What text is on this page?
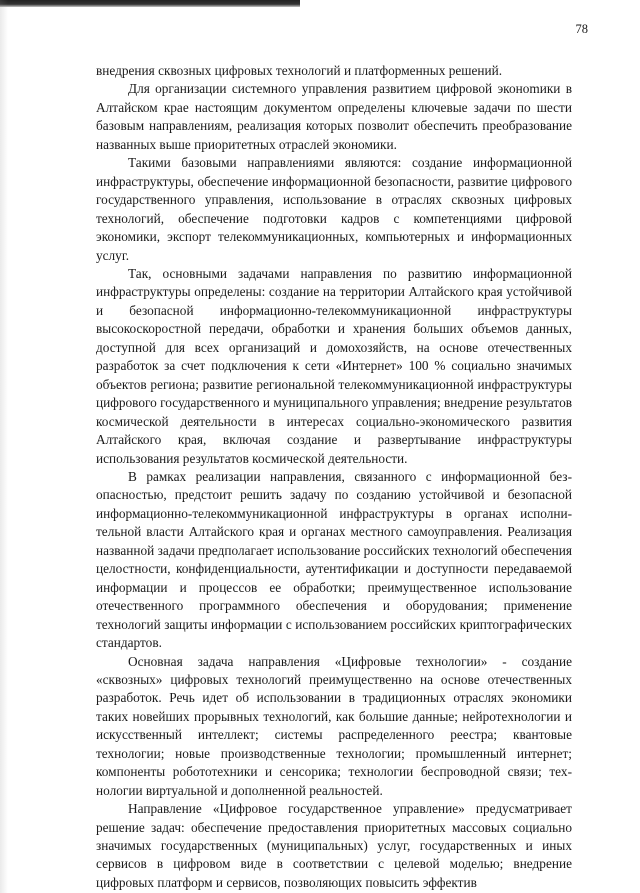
78

внедрения сквозных цифровых технологий и платформенных решений.

Для организации системного управления развитием цифровой эконоmики в Алтайском крае настоящим документом определены ключевые задачи по шести базовым направлениям, реализация которых позволит обеспечить преобразование названных выше приоритетных отраслей экономики.

Такими базовыми направлениями являются: создание информационной инфраструктуры, обеспечение информационной безопасности, развитие цифрового государственного управления, использование в отраслях сквозных цифровых технологий, обеспечение подготовки кадров с компетенциями цифровой экономики, экспорт телекоммуникационных, компьютерных и информационных услуг.

Так, основными задачами направления по развитию информационной инфраструктуры определены: создание на территории Алтайского края устойчивой и безопасной информационно-телекоммуникационной инфраструктуры высокоскоростной передачи, обработки и хранения больших объемов данных, доступной для всех организаций и домохозяйств, на основе отечественных разработок за счет подключения к сети «Интернет» 100 % социально значимых объектов региона; развитие региональной телекоммуникационной инфраструктуры цифрового государственного и муниципального управления; внедрение результатов космической деятельности в интересах социально-экономического развития Алтайского края, включая создание и развертывание инфраструктуры использования результатов космической деятельности.

В рамках реализации направления, связанного с информационной безопасностью, предстоит решить задачу по созданию устойчивой и безопасной информационно-телекоммуникационной инфраструктуры в органах исполнительной власти Алтайского края и органах местного самоуправления. Реализация названной задачи предполагает использование российских технологий обеспечения целостности, конфиденциальности, аутентификации и доступности передаваемой информации и процессов ее обработки; преимущественное использование отечественного программного обеспечения и оборудования; применение технологий защиты информации с использованием российских криптографических стандартов.

Основная задача направления «Цифровые технологии» - создание «сквозных» цифровых технологий преимущественно на основе отечественных разработок. Речь идет об использовании в традиционных отраслях экономики таких новейших прорывных технологий, как большие данные; нейротехнологии и искусственный интеллект; системы распределенного реестра; квантовые технологии; новые производственные технологии; промышленный интернет; компоненты робототехники и сенсорика; технологии беспроводной связи; технологии виртуальной и дополненной реальностей.

Направление «Цифровое государственное управление» предусматривает решение задач: обеспечение предоставления приоритетных массовых социально значимых государственных (муниципальных) услуг, государственных и иных сервисов в цифровом виде в соответствии с целевой моделью; внедрение цифровых платформ и сервисов, позволяющих повысить эффектив
